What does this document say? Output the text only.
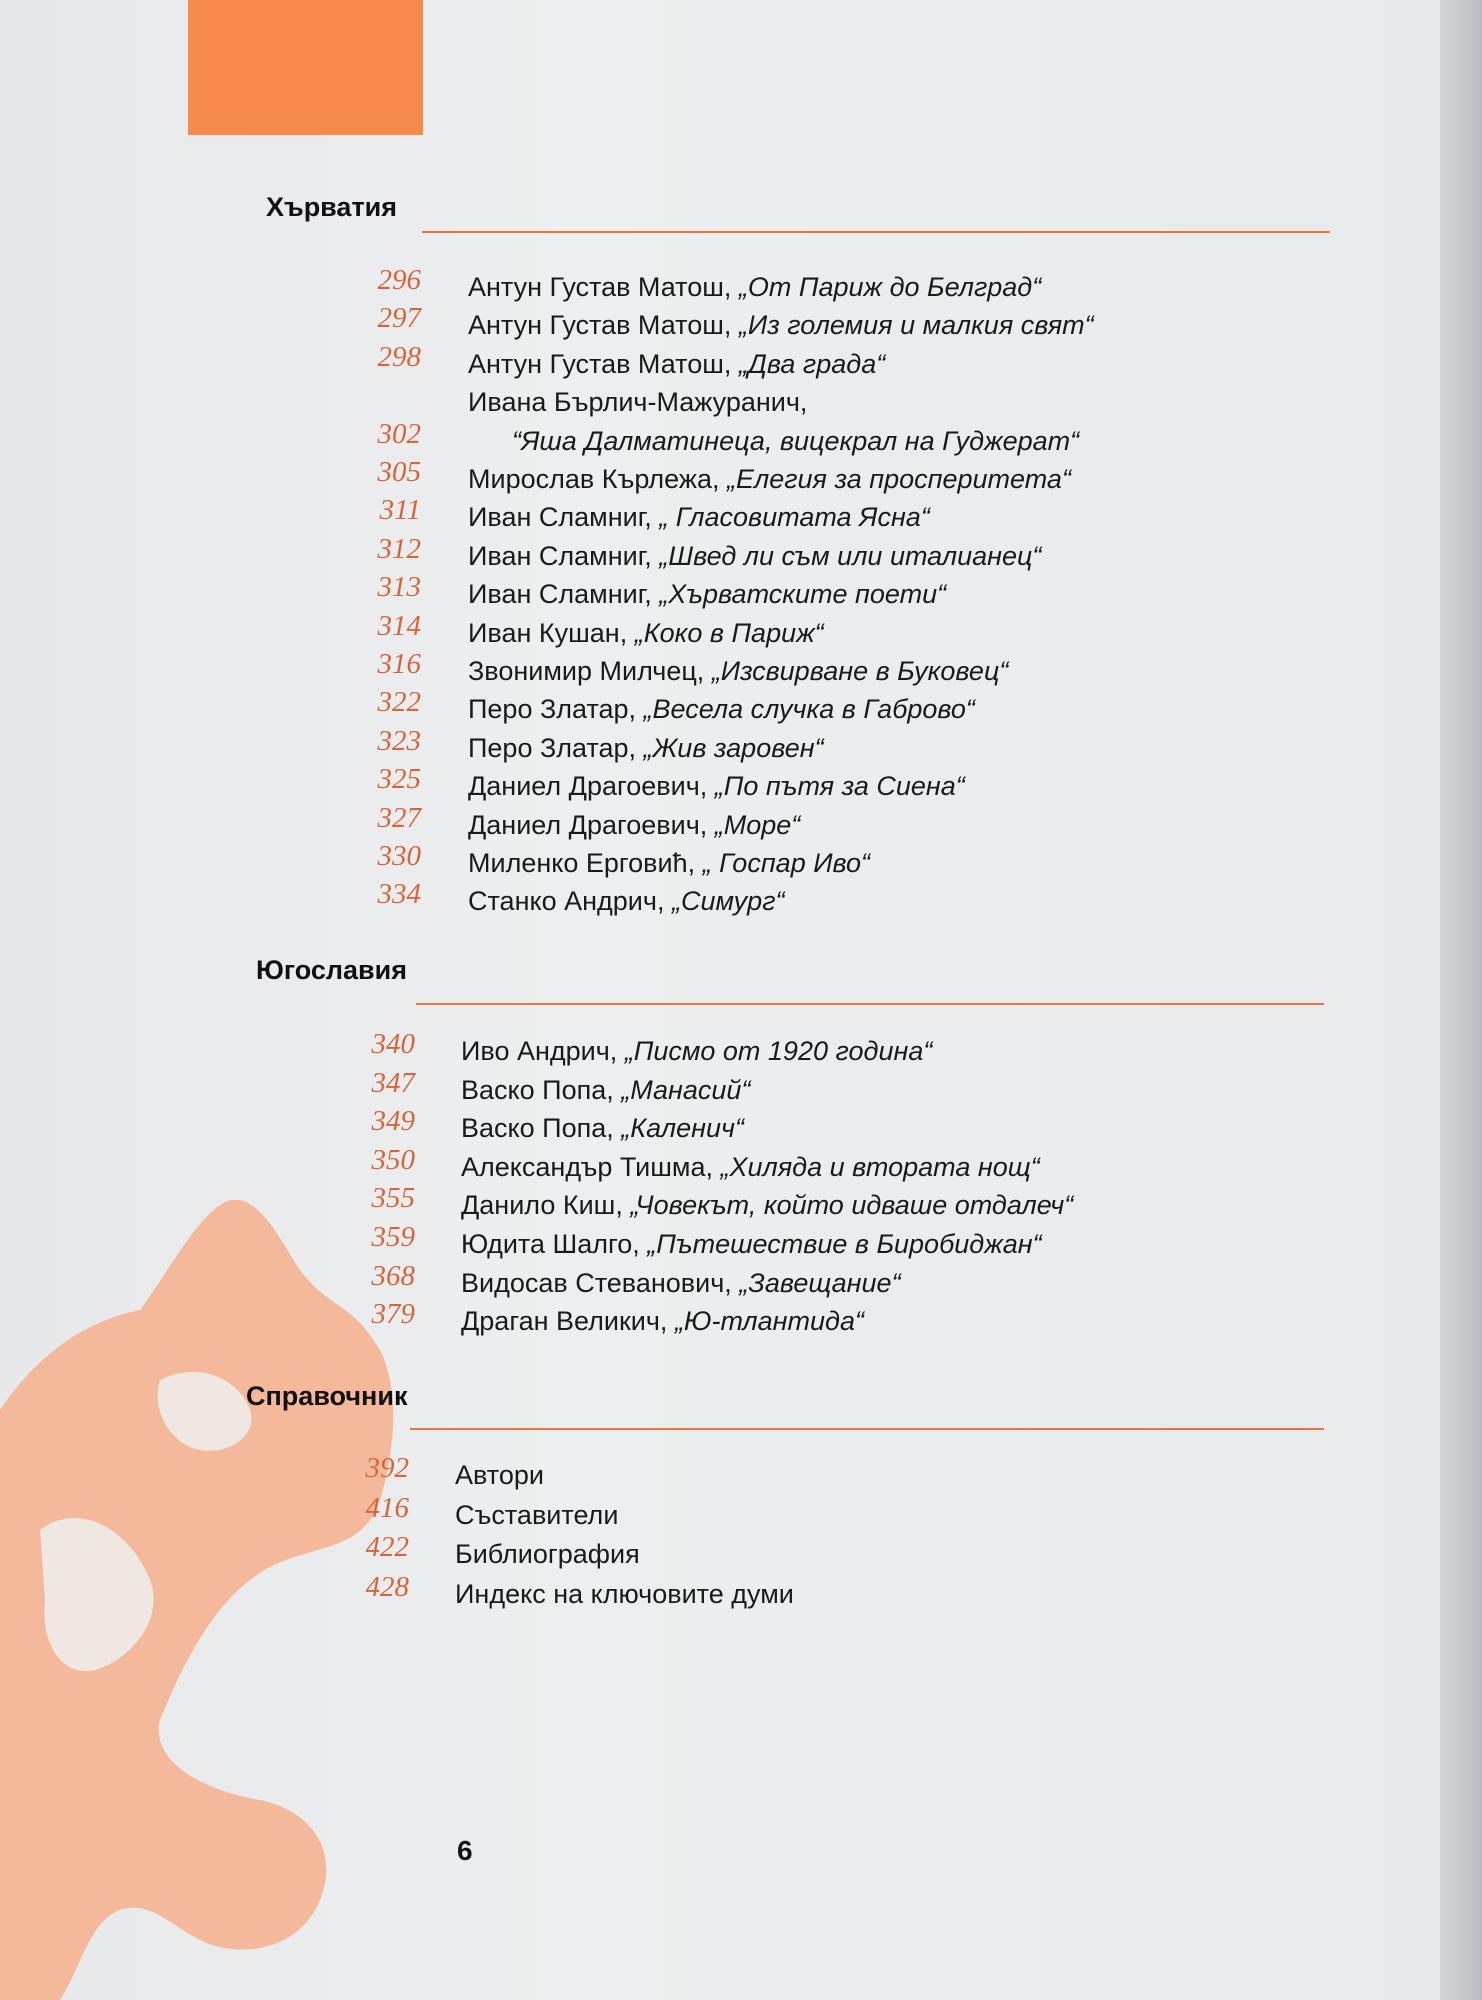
Хърватия
296 Антун Густав Матош, „От Париж до Белград“
297 Антун Густав Матош, „Из големия и малкия свят“
298 Антун Густав Матош, „Два града“
Ивана Бърлич-Мажуранич,
302	“Яша Далматинеца, вицекрал на Гуджерат“
305 Мирослав Кърлежа, „Елегия за просперитета“
311 Иван Сламниг, „ Гласовитата Ясна“
312 Иван Сламниг, „Швед ли съм или италианец“
313 Иван Сламниг, „Хърватските поети“
314 Иван Кушан, „Коко в Париж“
316 Звонимир Милчец, „Изсвирване в Буковец“
322 Перо Златар, „Весела случка в Габрово“
323 Перо Златар, „Жив заровен“
325 Даниел Драгоевич, „По пътя за Сиена“
327 Даниел Драгоевич, „Море“
330 Миленко Ерговић, „ Госпар Иво“
334 Станко Андрич, „Симург“
Югославия
340 Иво Андрич, „Писмо от 1920 година“
347 Васко Попа, „Манасий“
349 Васко Попа, „Каленич“
350 Александър Тишма, „Хиляда и втората нощ“
355 Данило Киш, „Човекът, който идваше отдалеч“
359 Юдита Шалго, „Пътешествие в Биробиджан“
368 Видосав Стеванович, „Завещание“
379 Драган Великич, „Ю-тлантида“
Справочник
392 Автори
416 Съставители
422 Библиография
428 Индекс на ключовите думи
6
